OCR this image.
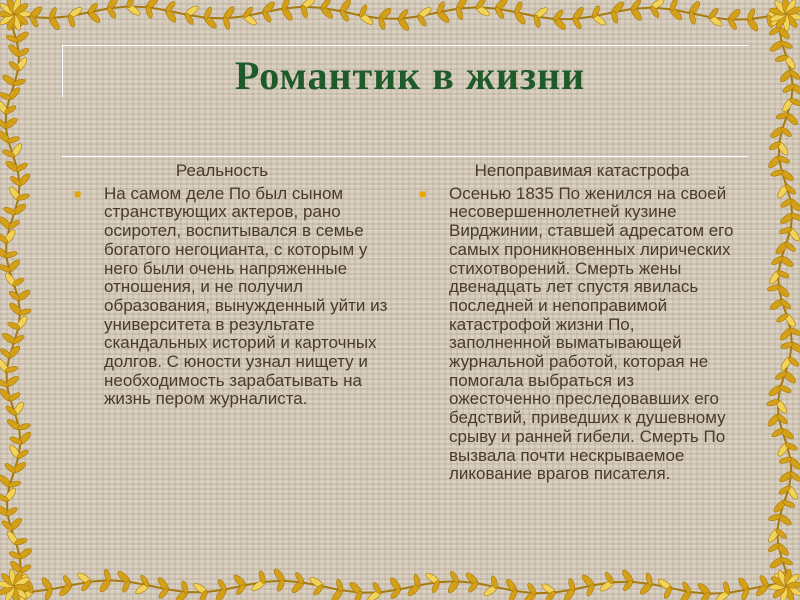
Романтик в жизни
Реальность
■	На самом деле По был сыном странствующих актеров, рано осиротел, воспитывался в семье богатого негоцианта, с которым у него были очень напряженные отношения, и не получил образования, вынужденный уйти из университета в результате скандальных историй и карточных долгов. С юности узнал нищету и необходимость зарабатывать на жизнь пером журналиста.
Непоправимая катастрофа
■	Осенью 1835 По женился на своей несовершеннолетней кузине Вирджинии, ставшей адресатом его самых проникновенных лирических стихотворений. Смерть жены двенадцать лет спустя явилась последней и непоправимой катастрофой жизни По, заполненной выматывающей журнальной работой, которая не помогала выбраться из ожесточенно преследовавших его бедствий, приведших к душевному срыву и ранней гибели. Смерть По вызвала почти нескрываемое ликование врагов писателя.
